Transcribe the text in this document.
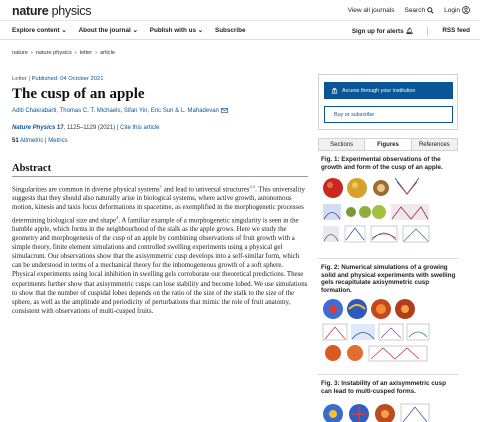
nature physics	View all journals Search	Login
Explore content ⌄ About the journal ⌄ Publish with us ⌄ Subscribe	Sign up for alerts 🔔︎	RSS feed
nature › nature physics › letter › article
Letter | Published: 04 October 2021
The cusp of an apple
Aditi Chakrabarti, Thomas C. T. Michaels, Sifan Yin, Eric Sun & L. Mahadevan
Nature Physics 17, 1125–1129 (2021) | Cite this article
51 Altmetric | Metrics
Abstract

Singularities are common in diverse physical systems$^1$ and lead to universal structures$^{2,3}$. This universality suggests that they should also naturally arise in biological systems, where active growth, autonomous motion, kinesis and taxis focus deformations in spacetime, as exemplified in the morphogenetic processes determining biological size and shape$^4$. A familiar example of a morphogenetic singularity is seen in the humble apple, which forms in the neighbourhood of the stalk as the apple grows. Here we study the geometry and morphogenesis of the cusp of an apple by combining observations of fruit growth with a simple theory, finite element simulations and controlled swelling experiments using a physical gel simulacrum. Our observations show that the axisymmetric cusp develops into a self-similar form, which can be understood in terms of a mechanical theory for the inhomogeneous growth of a soft sphere. Physical experiments using local inhibition in swelling gels corroborate our theoretical predictions. These experiments further show that axisymmetric cusps can lose stability and become lobed. We use simulations to show that the number of cuspidal lobes depends on the ratio of the size of the stalk to the size of the sphere, as well as the amplitude and periodicity of perturbations that mimic the role of fruit anatomy, consistent with observations of multi-cusped fruits.

Access through your institution
Buy or subscribe
Sections	Figures	References
Fig. 1: Experimental observations of the growth and form of the cusp of an apple.
Fig. 2: Numerical simulations of a growing solid and physical experiments with swelling gels recapitulate axisymmetric cusp formation.
Fig. 3: Instability of an axisymmetric cusp can lead to multi-cusped forms.
